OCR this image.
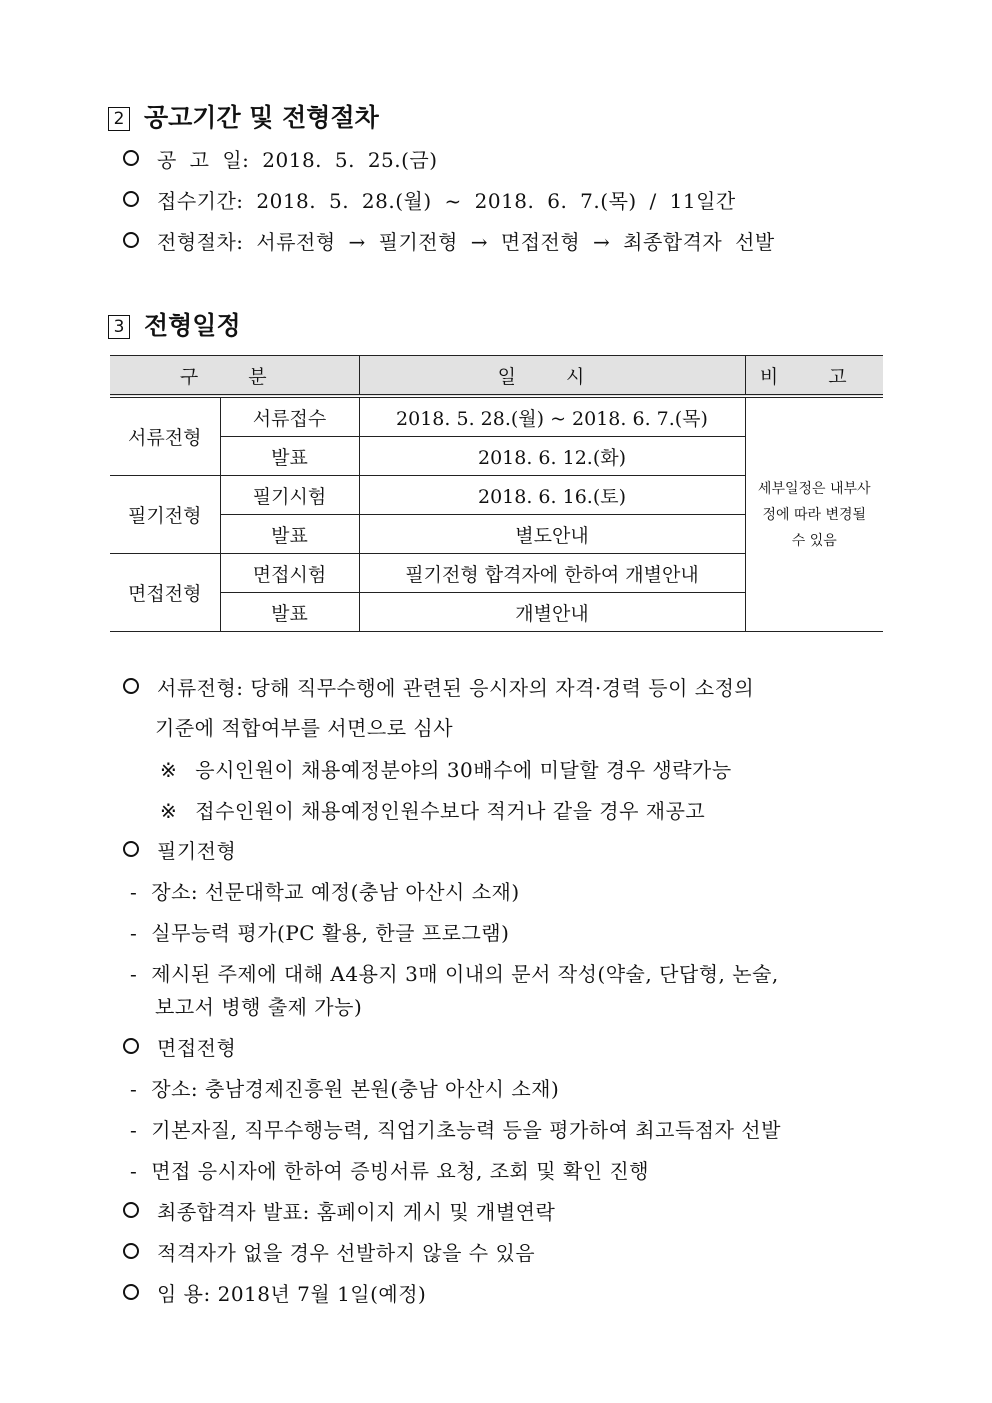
2 공고기간 및 전형절차
공 고 일: 2018. 5. 25.(금)
접수기간: 2018. 5. 28.(월) ~ 2018. 6. 7.(목) / 11일간
전형절차: 서류전형 → 필기전형 → 면접전형 → 최종합격자 선발
3 전형일정
구 분		일 시	비 고
서류전형	서류접수	2018. 5. 28.(월) ~ 2018. 6. 7.(목)	세부일정은 내부사정에 따라 변경될 수 있음
	발표	2018. 6. 12.(화)	
필기전형	필기시험	2018. 6. 16.(토)	
	발표	별도안내	
면접전형	면접시험	필기전형 합격자에 한하여 개별안내	
	발표	개별안내	
서류전형: 당해 직무수행에 관련된 응시자의 자격·경력 등이 소정의
기준에 적합여부를 서면으로 심사
※ 응시인원이 채용예정분야의 30배수에 미달할 경우 생략가능
※ 접수인원이 채용예정인원수보다 적거나 같을 경우 재공고
필기전형
- 장소: 선문대학교 예정(충남 아산시 소재)
- 실무능력 평가(PC 활용, 한글 프로그램)
- 제시된 주제에 대해 A4용지 3매 이내의 문서 작성(약술, 단답형, 논술,
보고서 병행 출제 가능)
면접전형
- 장소: 충남경제진흥원 본원(충남 아산시 소재)
- 기본자질, 직무수행능력, 직업기초능력 등을 평가하여 최고득점자 선발
- 면접 응시자에 한하여 증빙서류 요청, 조회 및 확인 진행
최종합격자 발표: 홈페이지 게시 및 개별연락
적격자가 없을 경우 선발하지 않을 수 있음
임 용: 2018년 7월 1일(예정)
